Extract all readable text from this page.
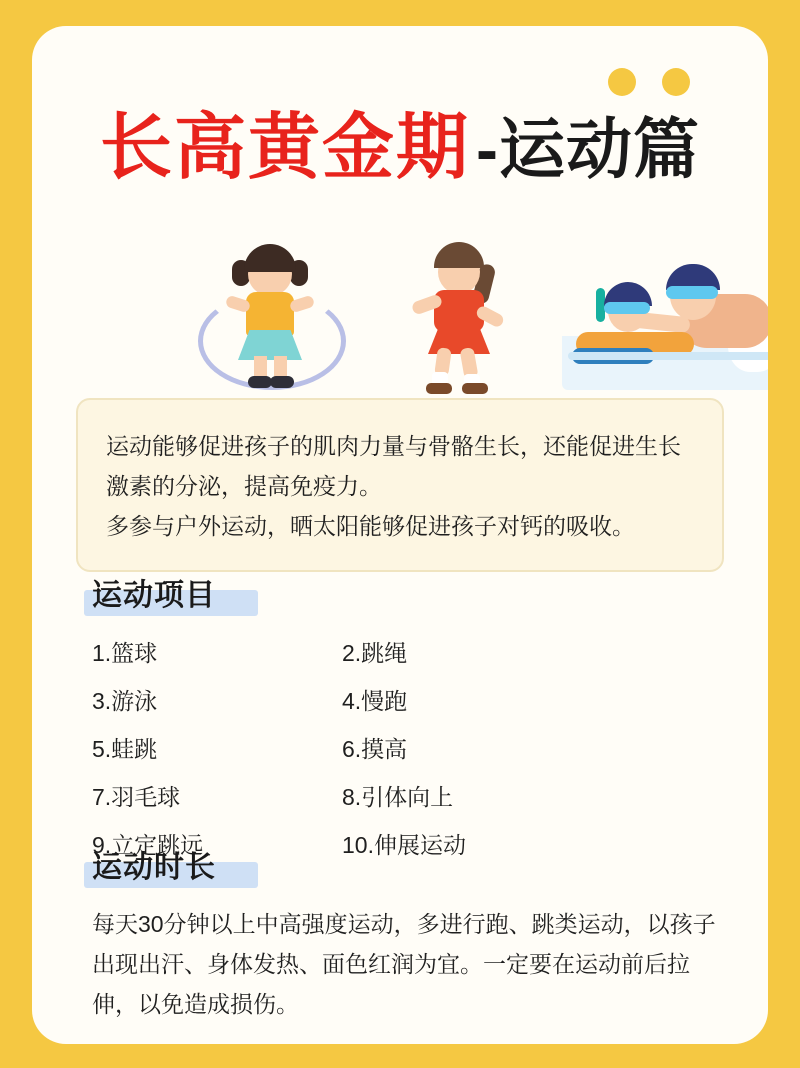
长高黄金期 -运动篇

运动能够促进孩子的肌肉力量与骨骼生长，还能促进生长

激素的分泌，提高免疫力。

多参与户外运动，晒太阳能够促进孩子对钙的吸收。

运动项目
1.篮球	2.跳绳
3.游泳	4.慢跑
5.蛙跳	6.摸高
7.羽毛球	8.引体向上
9.立定跳远	10.伸展运动
运动时长

每天30分钟以上中高强度运动，多进行跑、跳类运动，以孩子出现出汗、身体发热、面色红润为宜。一定要在运动前后拉伸，以免造成损伤。
